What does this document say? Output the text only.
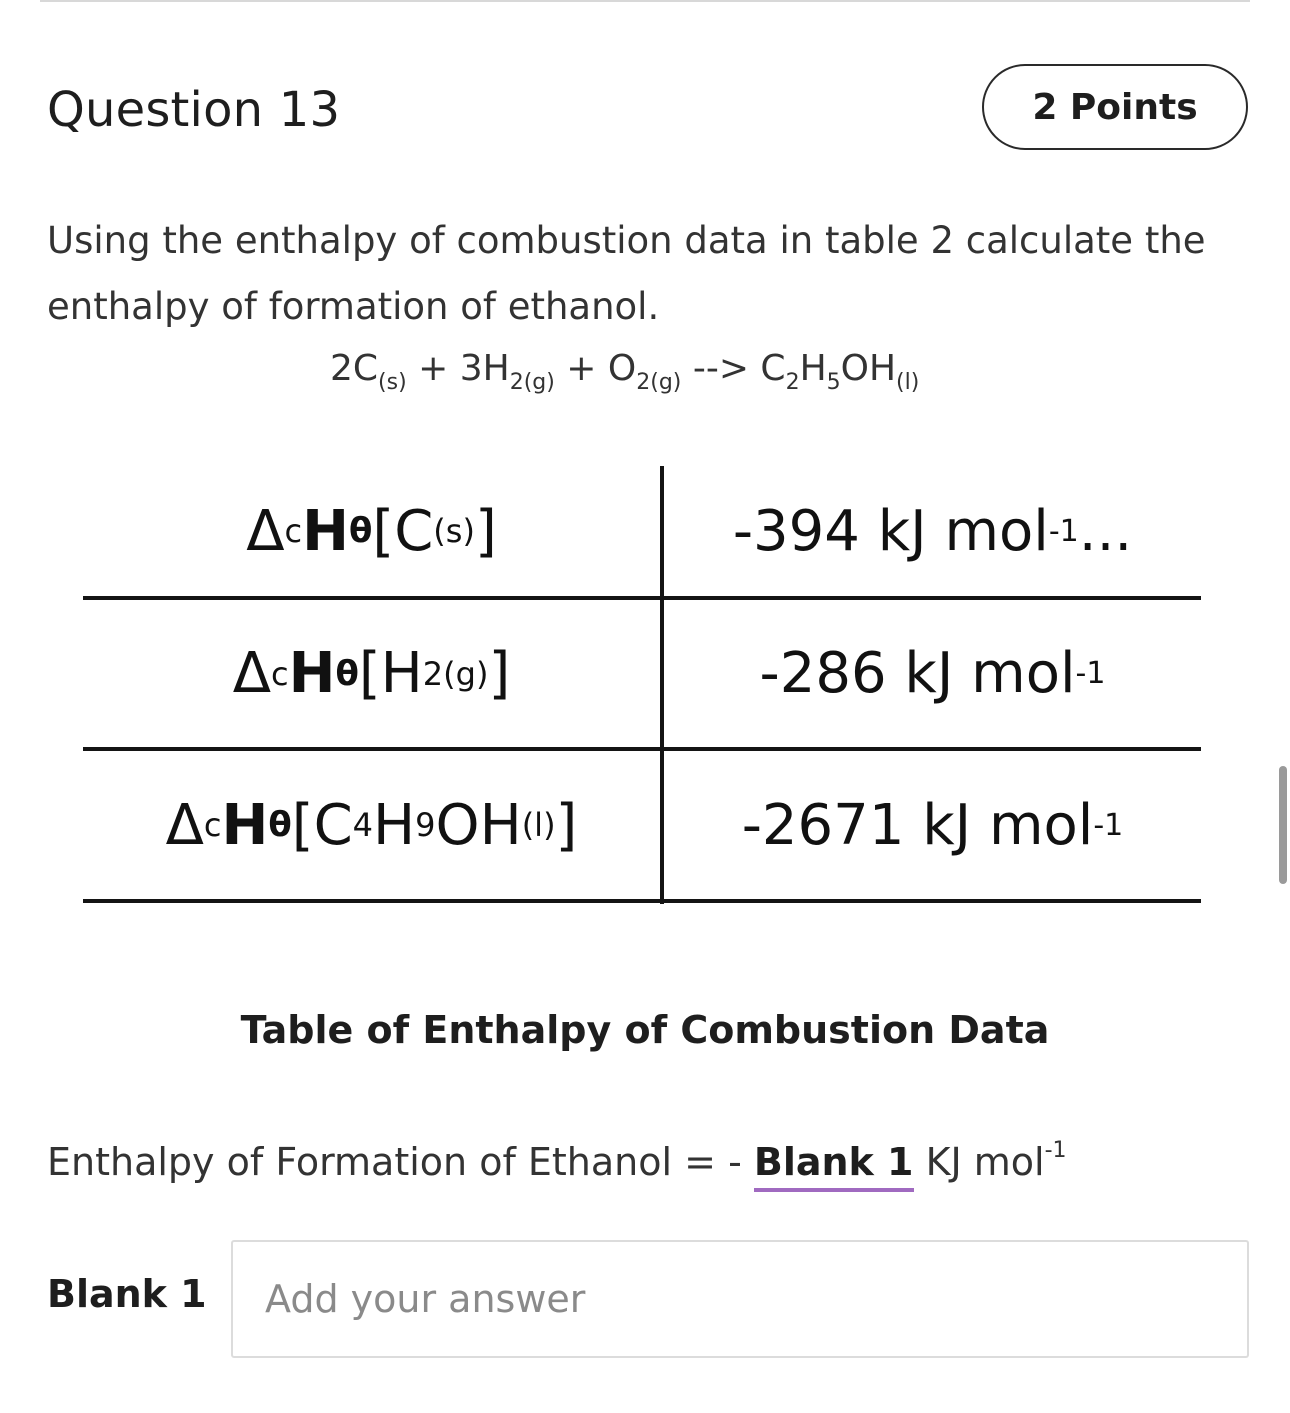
Question 13	2 Points
Using the enthalpy of combustion data in table 2 calculate the enthalpy of formation of ethanol.
$2C_{(s)} + 3H_{2(g)} + O_{2(g)}$ --> $C_2H_5OH_{(l)}$
Δ c H θ [C (s) ]	-394 kJ mol -1 ...
Δ c H θ [H 2(g) ]	-286 kJ mol -1
Δ c H θ [C 4 H 9 OH (l) ]	-2671 kJ mol -1
Table of Enthalpy of Combustion Data
Enthalpy of Formation of Ethanol = - Blank 1 KJ mol$^{-1}$
Blank 1
Add your answer
